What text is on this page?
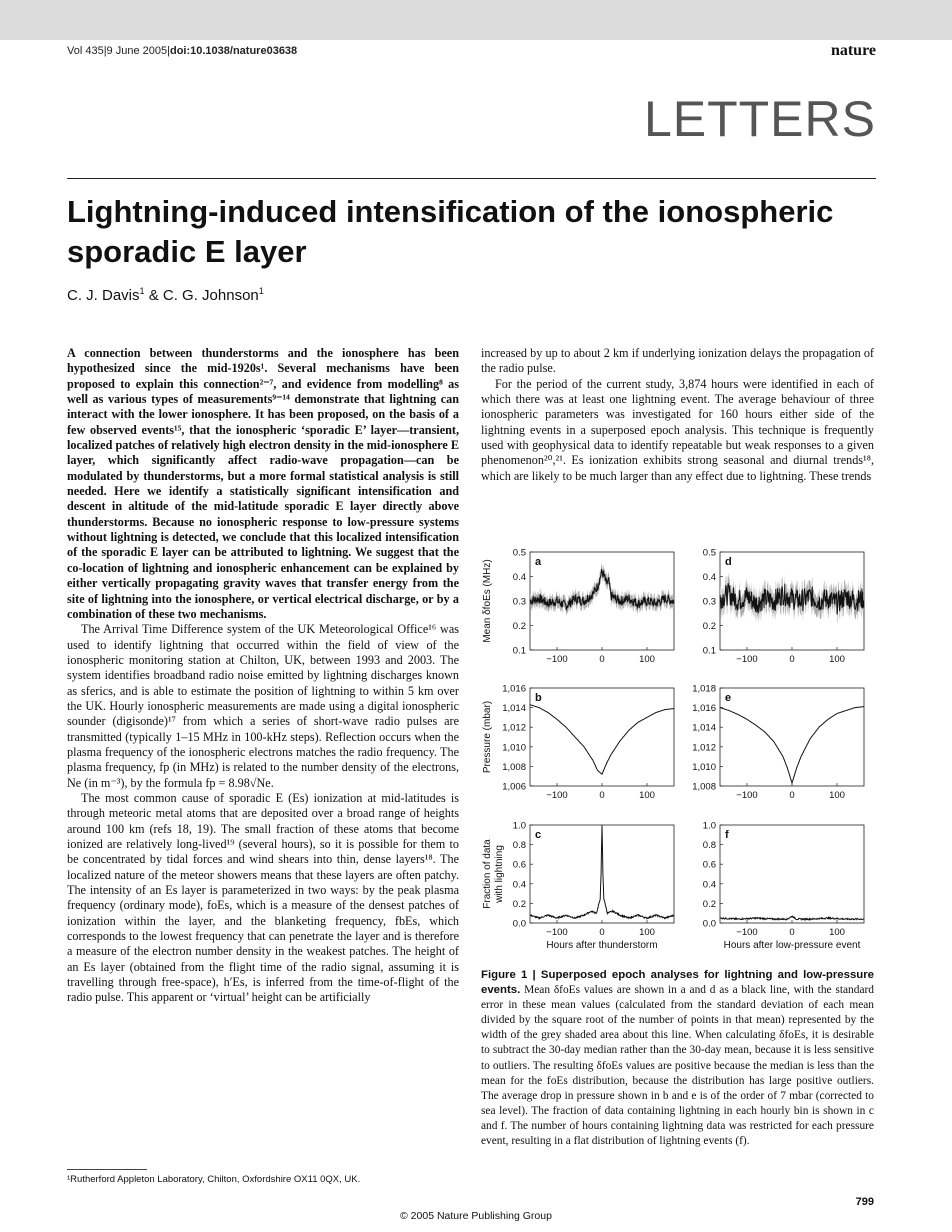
Vol 435|9 June 2005|doi:10.1038/nature03638	nature
LETTERS
Lightning-induced intensification of the ionospheric sporadic E layer
C. J. Davis$^1$ & C. G. Johnson$^1$

A connection between thunderstorms and the ionosphere has been hypothesized since the mid-1920s¹. Several mechanisms have been proposed to explain this connection²⁻⁷, and evidence from modelling⁸ as well as various types of measurements⁹⁻¹⁴ demonstrate that lightning can interact with the lower ionosphere. It has been proposed, on the basis of a few observed events¹⁵, that the ionospheric ‘sporadic E’ layer—transient, localized patches of relatively high electron density in the mid-ionosphere E layer, which significantly affect radio-wave propagation—can be modulated by thunderstorms, but a more formal statistical analysis is still needed. Here we identify a statistically significant intensification and descent in altitude of the mid-latitude sporadic E layer directly above thunderstorms. Because no ionospheric response to low-pressure systems without lightning is detected, we conclude that this localized intensification of the sporadic E layer can be attributed to lightning. We suggest that the co-location of lightning and ionospheric enhancement can be explained by either vertically propagating gravity waves that transfer energy from the site of lightning into the ionosphere, or vertical electrical discharge, or by a combination of these two mechanisms.

The Arrival Time Difference system of the UK Meteorological Office¹⁶ was used to identify lightning that occurred within the field of view of the ionospheric monitoring station at Chilton, UK, between 1993 and 2003. The system identifies broadband radio noise emitted by lightning discharges known as sferics, and is able to estimate the position of lightning to within 5 km over the UK. Hourly ionospheric measurements are made using a digital ionospheric sounder (digisonde)¹⁷ from which a series of short-wave radio pulses are transmitted (typically 1–15 MHz in 100-kHz steps). Reflection occurs when the plasma frequency of the ionospheric electrons matches the radio frequency. The plasma frequency, fp (in MHz) is related to the number density of the electrons, Ne (in m⁻³), by the formula fp = 8.98√Ne.

The most common cause of sporadic E (Es) ionization at mid-latitudes is through meteoric metal atoms that are deposited over a broad range of heights around 100 km (refs 18, 19). The small fraction of these atoms that become ionized are relatively long-lived¹⁹ (several hours), so it is possible for them to be concentrated by tidal forces and wind shears into thin, dense layers¹⁸. The localized nature of the meteor showers means that these layers are often patchy. The intensity of an Es layer is parameterized in two ways: by the peak plasma frequency (ordinary mode), foEs, which is a measure of the densest patches of ionization within the layer, and the blanketing frequency, fbEs, which corresponds to the lowest frequency that can penetrate the layer and is therefore a measure of the electron number density in the weakest patches. The height of an Es layer (obtained from the flight time of the radio signal, assuming it is travelling through free-space), h′Es, is inferred from the time-of-flight of the radio pulse. This apparent or ‘virtual’ height can be artificially

increased by up to about 2 km if underlying ionization delays the propagation of the radio pulse.

For the period of the current study, 3,874 hours were identified in each of which there was at least one lightning event. The average behaviour of three ionospheric parameters was investigated for 160 hours either side of the lightning events in a superposed epoch analysis. This technique is frequently used with geophysical data to identify repeatable but weak responses to a given phenomenon²⁰,²¹. Es ionization exhibits strong seasonal and diurnal trends¹⁸, which are likely to be much larger than any effect due to lightning. These trends

0.5
0.4
0.3
0.2
0.1
−100	0	100
a
Mean δfoEs (MHz)
0.5
0.4
0.3
0.2
0.1
−100	0	100
d
1,016
1,014
1,012
1,010
1,008
1,006
−100	0	100
b
Pressure (mbar)
1,018
1,016
1,014
1,012
1,010
1,008
−100	0	100
e
1.0
0.8
0.6
0.4
0.2
0.0
−100	0	100
c
Fraction of datawith lightning
Hours after thunderstorm
1.0
0.8
0.6
0.4
0.2
0.0
−100	0	100
f
Hours after low-pressure event
Figure 1 | Superposed epoch analyses for lightning and low-pressure events. Mean δfoEs values are shown in a and d as a black line, with the standard error in these mean values (calculated from the standard deviation of each mean divided by the square root of the number of points in that mean) represented by the width of the grey shaded area about this line. When calculating δfoEs, it is desirable to subtract the 30-day median rather than the 30-day mean, because it is less sensitive to outliers. The resulting δfoEs values are positive because the median is less than the mean for the foEs distribution, because the distribution has large positive outliers. The average drop in pressure shown in b and e is of the order of 7 mbar (corrected to sea level). The fraction of data containing lightning in each hourly bin is shown in c and f. The number of hours containing lightning data was restricted for each pressure event, resulting in a flat distribution of lightning events (f).
¹Rutherford Appleton Laboratory, Chilton, Oxfordshire OX11 0QX, UK.
799
© 2005 Nature Publishing Group
